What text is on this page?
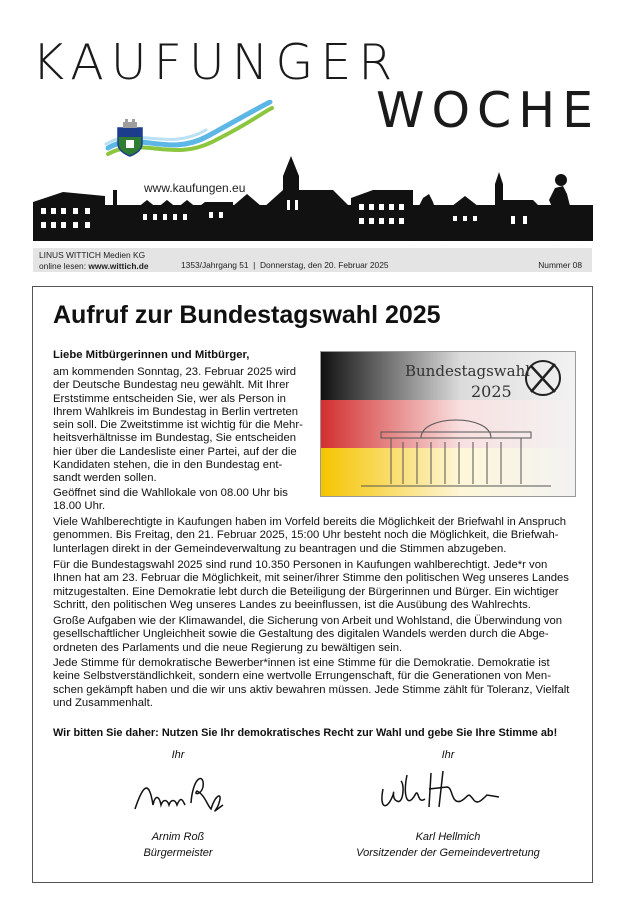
KAUFUNGER
WOCHE
www.kaufungen.eu
LINUS WITTICH Medien KG
online lesen: www.wittich.de	1353/Jahrgang 51  |  Donnerstag, den 20. Februar 2025	Nummer 08
Aufruf zur Bundestagswahl 2025
Liebe Mitbürgerinnen und Mitbürger,
am kommenden Sonntag, 23. Februar 2025 wird
der Deutsche Bundestag neu gewählt. Mit Ihrer
Erststimme entscheiden Sie, wer als Person in
Ihrem Wahlkreis im Bundestag in Berlin vertreten
sein soll. Die Zweitstimme ist wichtig für die Mehr-
heitsverhältnisse im Bundestag, Sie entscheiden
hier über die Landesliste einer Partei, auf der die
Kandidaten stehen, die in den Bundestag ent-
sandt werden sollen.
Geöffnet sind die Wahllokale von 08.00 Uhr bis
18.00 Uhr.
Bundestagswahl
2025
Viele Wahlberechtigte in Kaufungen haben im Vorfeld bereits die Möglichkeit der Briefwahl in Anspruch
genommen. Bis Freitag, den 21. Februar 2025, 15:00 Uhr besteht noch die Möglichkeit, die Briefwah-
lunterlagen direkt in der Gemeindeverwaltung zu beantragen und die Stimmen abzugeben.
Für die Bundestagswahl 2025 sind rund 10.350 Personen in Kaufungen wahlberechtigt. Jede*r von
Ihnen hat am 23. Februar die Möglichkeit, mit seiner/ihrer Stimme den politischen Weg unseres Landes
mitzugestalten. Eine Demokratie lebt durch die Beteiligung der Bürgerinnen und Bürger. Ein wichtiger
Schritt, den politischen Weg unseres Landes zu beeinflussen, ist die Ausübung des Wahlrechts.
Große Aufgaben wie der Klimawandel, die Sicherung von Arbeit und Wohlstand, die Überwindung von
gesellschaftlicher Ungleichheit sowie die Gestaltung des digitalen Wandels werden durch die Abge-
ordneten des Parlaments und die neue Regierung zu bewältigen sein.
Jede Stimme für demokratische Bewerber*innen ist eine Stimme für die Demokratie. Demokratie ist
keine Selbstverständlichkeit, sondern eine wertvolle Errungenschaft, für die Generationen von Men-
schen gekämpft haben und die wir uns aktiv bewahren müssen. Jede Stimme zählt für Toleranz, Vielfalt
und Zusammenhalt.
Wir bitten Sie daher: Nutzen Sie Ihr demokratisches Recht zur Wahl und gebe Sie Ihre Stimme ab!
Ihr
Arnim Roß
Bürgermeister
Ihr
Karl Hellmich
Vorsitzender der Gemeindevertretung
